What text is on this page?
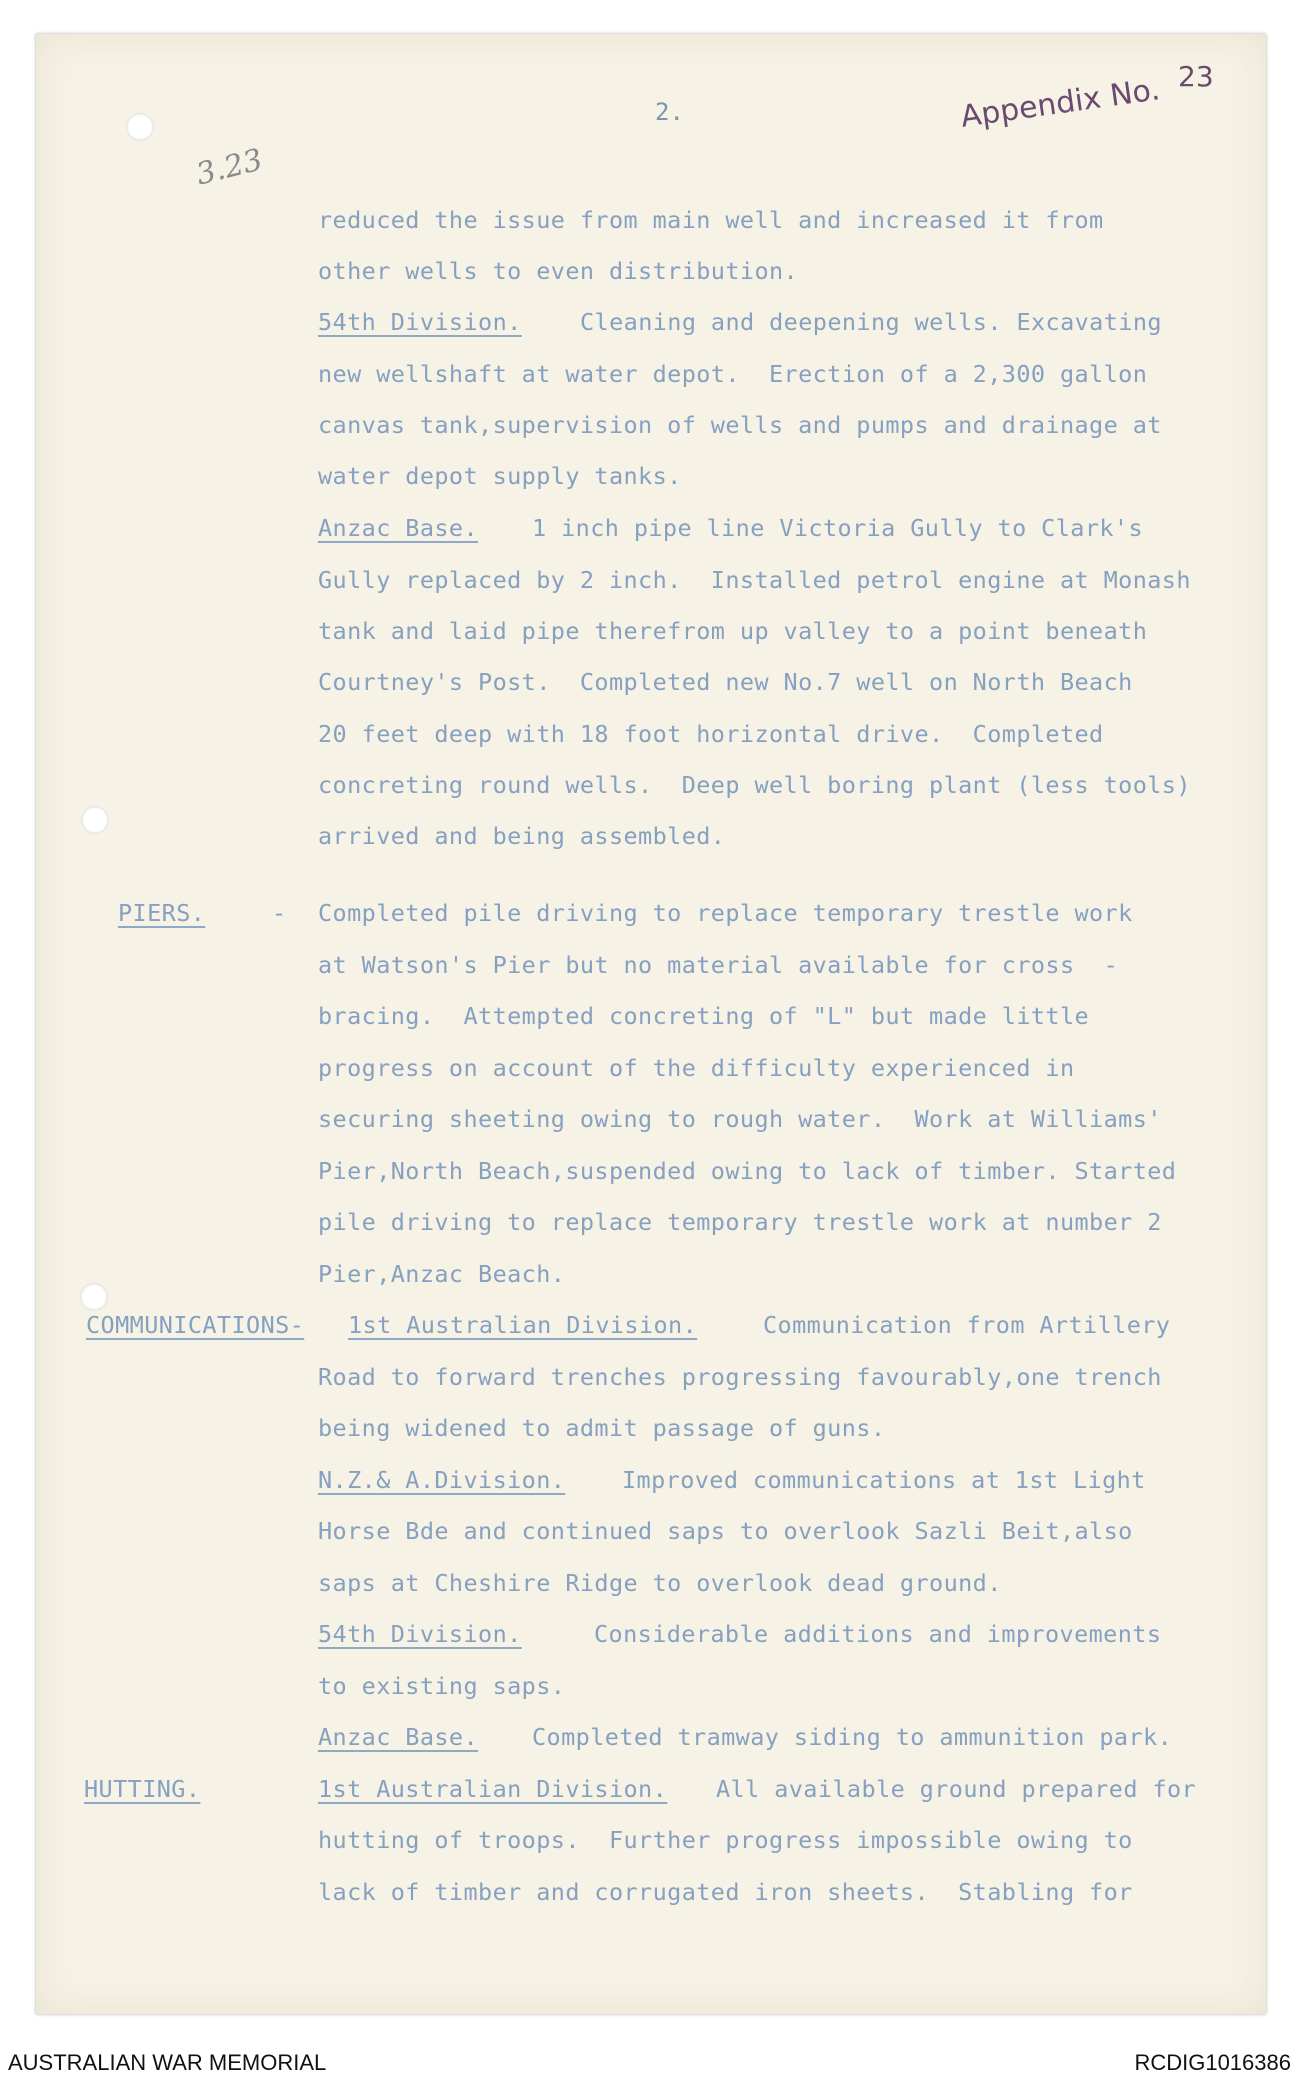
3.23
2.	Appendix No. 23
reduced the issue from main well and increased it from
other wells to even distribution.
54th Division. Cleaning and deepening wells. Excavating
new wellshaft at water depot.  Erection of a 2,300 gallon
canvas tank,supervision of wells and pumps and drainage at
water depot supply tanks.
Anzac Base. 1 inch pipe line Victoria Gully to Clark's
Gully replaced by 2 inch.  Installed petrol engine at Monash
tank and laid pipe therefrom up valley to a point beneath
Courtney's Post.  Completed new No.7 well on North Beach
20 feet deep with 18 foot horizontal drive.  Completed
concreting round wells.  Deep well boring plant (less tools)
arrived and being assembled.
PIERS.	- Completed pile driving to replace temporary trestle work
at Watson's Pier but no material available for cross  -
bracing.  Attempted concreting of "L" but made little
progress on account of the difficulty experienced in
securing sheeting owing to rough water.  Work at Williams'
Pier,North Beach,suspended owing to lack of timber. Started
pile driving to replace temporary trestle work at number 2
Pier,Anzac Beach.
COMMUNICATIONS- 1st Australian Division.	Communication from Artillery
Road to forward trenches progressing favourably,one trench
being widened to admit passage of guns.
N.Z.& A.Division. Improved communications at 1st Light
Horse Bde and continued saps to overlook Sazli Beit,also
saps at Cheshire Ridge to overlook dead ground.
54th Division.	Considerable additions and improvements
to existing saps.
Anzac Base. Completed tramway siding to ammunition park.
HUTTING.	1st Australian Division. All available ground prepared for
hutting of troops.  Further progress impossible owing to
lack of timber and corrugated iron sheets.  Stabling for
AUSTRALIAN WAR MEMORIAL	RCDIG1016386
